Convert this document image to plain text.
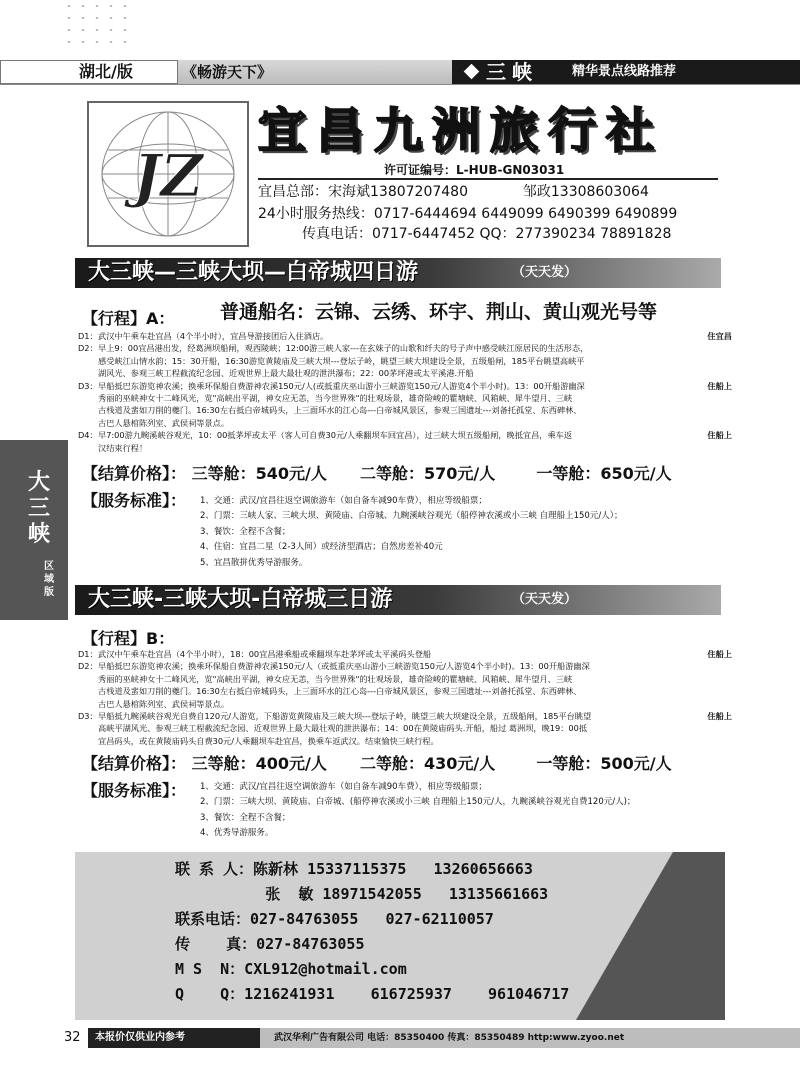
湖北/版	《畅游天下》	三峡	精华景点线路推荐
JZ
宜昌九洲旅行社
许可证编号：L-HUB-GN03031
宜昌总部：宋海斌13807207480	邹政13308603064
24小时服务热线：0717-6444694 6449099 6490399 6490899
传真电话：0717-6447452 QQ：277390234 78891828
大
三
峡
区域版
大三峡—三峡大坝—白帝城四日游	（天天发）
【行程】A： 普通船名：云锦、云绣、环宇、荆山、黄山观光号等
D1：武汉中午乘车赴宜昌（4个半小时），宜昌导游接团后入住酒店。	住宜昌
D2：早上9：00宜昌港出发，经葛洲坝船闸，观西陵峡；12:00游三峡人家---在玄妹子的山歌和纤夫的号子声中感受峡江原居民的生活形态，
感受峡江山情水韵；15：30开船，16:30游览黄陵庙及三峡大坝---登坛子岭，眺望三峡大坝建设全景，五级船闸，185平台眺望高峡平
湖风光、参观三峡工程截流纪念园、近观世界上最大最壮观的泄洪瀑布；22：00茅坪港或太平溪港.开船
D3：早船抵巴东游览神农溪；换乘环保船自费游神农溪150元/人(或抵重庆巫山游小三峡游览150元/人游览4个半小时)。13：00开船游幽深	住船上
秀丽的巫峡神女十二峰风光，览"高峡出平湖，神女应无恙，当今世界殊"的壮观场景，雄奇险峻的瞿塘峡、风箱峡、犀牛望月、三峡
古栈道及蜚如刀削的夔门。16:30左右抵白帝城码头，上三面环水的江心岛---白帝城风景区，参观三国遗址---刘备托孤堂、东西碑林、
古巴人悬棺陈列室、武侯祠等景点。
D4：早7:00游九畹溪峡谷观光，10：00抵茅坪或太平（客人可自费30元/人乘翻坝车回宜昌），过三峡大坝五级船闸，晚抵宜昌，乘车返	住船上
汉结束行程！
【结算价格】： 三等舱：540元/人 二等舱：570元/人	一等舱：650元/人
【服务标准】： 1、交通：武汉/宜昌往返空调旅游车（如自备车减90车费），相应等级船票；
2、门票：三峡人家、三峡大坝、黄陵庙、白帝城、九畹溪峡谷观光（船停神农溪或小三峡 自理船上150元/人）；
3、餐饮：全程不含餐；
4、住宿：宜昌二星（2-3人间）或经济型酒店；自然房差补40元
5、宜昌散拼优秀导游服务。
大三峡-三峡大坝-白帝城三日游	（天天发）
【行程】B：
D1：武汉中午乘车赴宜昌（4个半小时），18：00宜昌港乘船或乘翻坝车赴茅坪或太平溪码头登船	住船上
D2：早船抵巴东游览神农溪；换乘环保船自费游神农溪150元/人（或抵重庆巫山游小三峡游览150元/人游览4个半小时)。13：00开船游幽深
秀丽的巫峡神女十二峰风光，览"高峡出平湖，神女应无恙，当今世界殊"的壮观场景，雄奇险峻的瞿塘峡、风箱峡、犀牛望月、三峡
古栈道及蜚如刀削的夔门。16:30左右抵白帝城码头，上三面环水的江心岛---白帝城风景区，参观三国遗址---刘备托孤堂、东西碑林、
古巴人悬棺陈列室、武侯祠等景点。
D3：早船抵九畹溪峡谷观光自费自120元/人游览，下船游览黄陵庙及三峡大坝---登坛子岭，眺望三峡大坝建设全景，五级船闸，185平台眺望	住船上
高峡平湖风光、参观三峡工程截流纪念园、近观世界上最大最壮观的泄洪瀑布；14：00在黄陵庙码头.开船，船过 葛洲坝，晚19：00抵
宜昌码头，或在黄陵庙码头自费30元/人乘翻坝车赴宜昌，换乘车返武汉。结束愉快三峡行程。
【结算价格】： 三等舱：400元/人 二等舱：430元/人	一等舱：500元/人
【服务标准】： 1、交通：武汉/宜昌往返空调旅游车（如自备车减90车费），相应等级船票；
2、门票：三峡大坝、黄陵庙、白帝城、(船停神农溪或小三峡 自理船上150元/人，九畹溪峡谷观光自费120元/人)；
3、餐饮：全程不含餐；
4、优秀导游服务。
联 系 人：陈新林 15337115375   13260656663
张  敏 18971542055   13135661663
联系电话：027-84763055   027-62110057
传    真：027-84763055
M S  N：CXL912@hotmail.com
Q    Q：1216241931    616725937    961046717
32 本报价仅供业内参考	武汉华利广告有限公司 电话：85350400 传真：85350489 http:www.zyoo.net
